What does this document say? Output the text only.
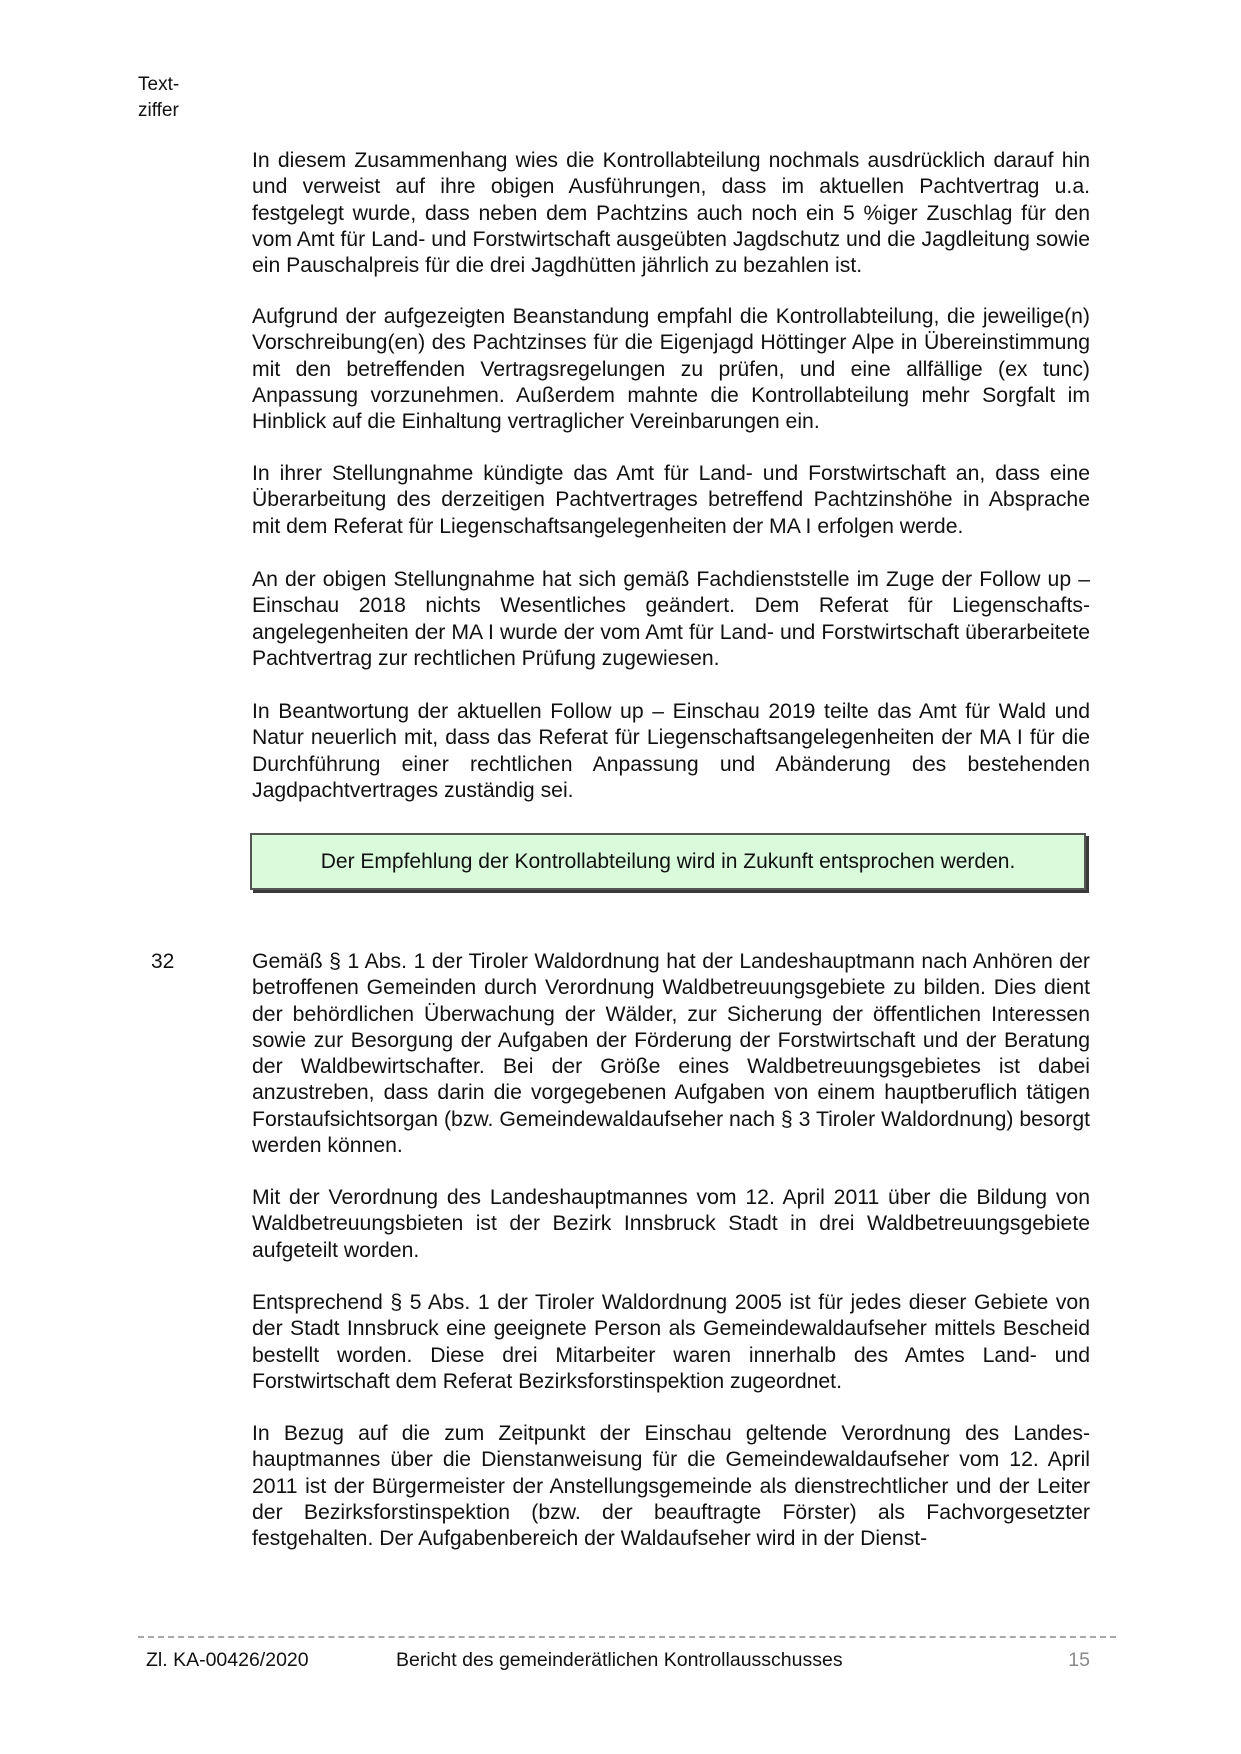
Text-
ziffer

In diesem Zusammenhang wies die Kontrollabteilung nochmals ausdrücklich darauf hin und verweist auf ihre obigen Ausführungen, dass im aktuellen Pachtvertrag u.a. festgelegt wurde, dass neben dem Pachtzins auch noch ein 5 %iger Zuschlag für den vom Amt für Land- und Forstwirtschaft ausgeübten Jagdschutz und die Jagdleitung sowie ein Pauschalpreis für die drei Jagdhütten jährlich zu bezahlen ist.

Aufgrund der aufgezeigten Beanstandung empfahl die Kontrollabteilung, die jeweilige(n) Vorschreibung(en) des Pachtzinses für die Eigenjagd Höttinger Alpe in Übereinstimmung mit den betreffenden Vertragsregelungen zu prüfen, und eine allfällige (ex tunc) Anpassung vorzunehmen. Außerdem mahnte die Kontrollabteilung mehr Sorgfalt im Hinblick auf die Einhaltung vertraglicher Vereinbarungen ein.

In ihrer Stellungnahme kündigte das Amt für Land- und Forstwirtschaft an, dass eine Überarbeitung des derzeitigen Pachtvertrages betreffend Pachtzinshöhe in Absprache mit dem Referat für Liegenschaftsangelegenheiten der MA I erfolgen werde.

An der obigen Stellungnahme hat sich gemäß Fachdienststelle im Zuge der Follow up – Einschau 2018 nichts Wesentliches geändert. Dem Referat für Liegenschaftsangelegenheiten der MA I wurde der vom Amt für Land- und Forstwirtschaft überarbeitete Pachtvertrag zur rechtlichen Prüfung zugewiesen.

In Beantwortung der aktuellen Follow up – Einschau 2019 teilte das Amt für Wald und Natur neuerlich mit, dass das Referat für Liegenschaftsangelegenheiten der MA I für die Durchführung einer rechtlichen Anpassung und Abänderung des bestehenden Jagdpachtvertrages zuständig sei.

Der Empfehlung der Kontrollabteilung wird in Zukunft entsprochen werden.

32	Gemäß § 1 Abs. 1 der Tiroler Waldordnung hat der Landeshauptmann nach Anhören der betroffenen Gemeinden durch Verordnung Waldbetreuungsgebiete zu bilden. Dies dient der behördlichen Überwachung der Wälder, zur Sicherung der öffentlichen Interessen sowie zur Besorgung der Aufgaben der Förderung der Forstwirtschaft und der Beratung der Waldbewirtschafter. Bei der Größe eines Waldbetreuungsgebietes ist dabei anzustreben, dass darin die vorgegebenen Aufgaben von einem hauptberuflich tätigen Forstaufsichtsorgan (bzw. Gemeindewaldaufseher nach § 3 Tiroler Waldordnung) besorgt werden können.

Mit der Verordnung des Landeshauptmannes vom 12. April 2011 über die Bildung von Waldbetreuungsbieten ist der Bezirk Innsbruck Stadt in drei Waldbetreuungsgebiete aufgeteilt worden.

Entsprechend § 5 Abs. 1 der Tiroler Waldordnung 2005 ist für jedes dieser Gebiete von der Stadt Innsbruck eine geeignete Person als Gemeindewaldaufseher mittels Bescheid bestellt worden. Diese drei Mitarbeiter waren innerhalb des Amtes Land- und Forstwirtschaft dem Referat Bezirksforstinspektion zugeordnet.

In Bezug auf die zum Zeitpunkt der Einschau geltende Verordnung des Landeshauptmannes über die Dienstanweisung für die Gemeindewaldaufseher vom 12. April 2011 ist der Bürgermeister der Anstellungsgemeinde als dienstrechtlicher und der Leiter der Bezirksforstinspektion (bzw. der beauftragte Förster) als Fachvorgesetzter festgehalten. Der Aufgabenbereich der Waldaufseher wird in der Dienst-

Zl. KA-00426/2020	Bericht des gemeinderätlichen Kontrollausschusses	15
